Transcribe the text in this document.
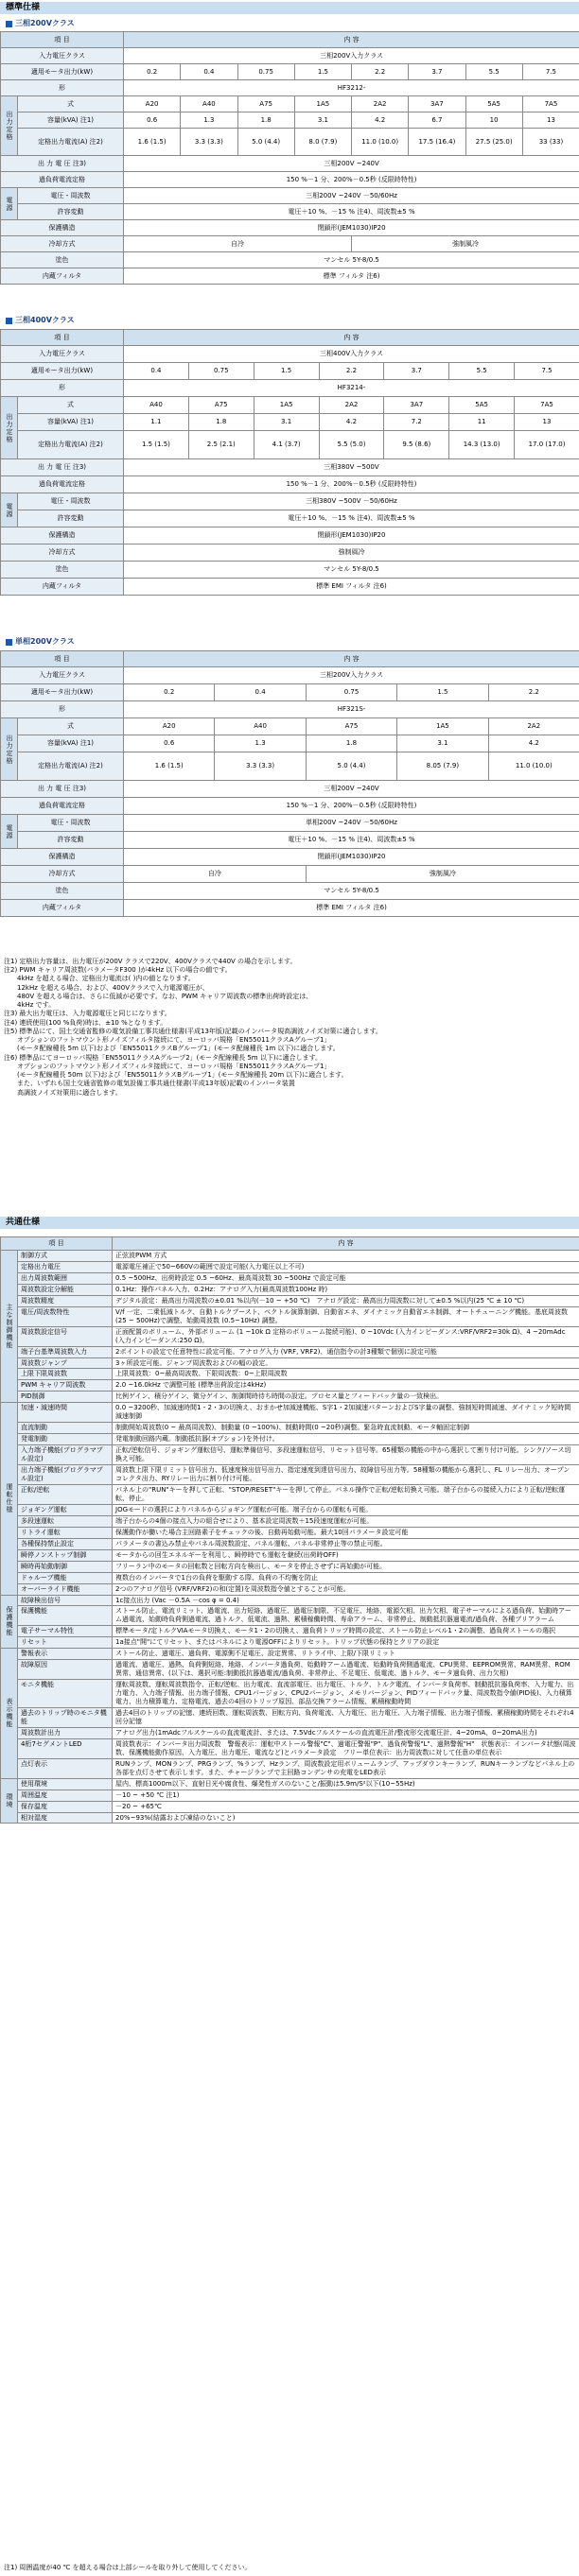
標準仕様
三相200Vクラス
項 目		内 容							
入力電圧クラス		三相200V入力クラス							
適用モータ出力(kW)		0.2	0.4	0.75	1.5	2.2	3.7	5.5	7.5
形		HF3212-							
出力定格	式	A20	A40	A75	1A5	2A2	3A7	5A5	7A5
	容量(kVA) 注1)	0.6	1.3	1.8	3.1	4.2	6.7	10	13
	定格出力電流(A) 注2)	1.6 (1.5)	3.3 (3.3)	5.0 (4.4)	8.0 (7.9)	11.0 (10.0)	17.5 (16.4)	27.5 (25.0)	33 (33)
出 力 電 圧 注3)		三相200V ~240V							
過負荷電流定格		150 %－1 分、200%－0.5秒 (反限時特性)							
電源	電圧・周波数	三相200V ~240V －50/60Hz							
	許容変動	電圧＋10 %、－15 % 注4)、周波数±5 %							
保護構造		閉鎖形(JEM1030)IP20							
冷却方式		自冷				強制風冷			
塗色		マンセル 5Y-8/0.5							
内蔵フィルタ		標準 フィルタ 注6)							
三相400Vクラス
項 目		内 容						
入力電圧クラス		三相400V入力クラス						
適用モータ出力(kW)		0.4	0.75	1.5	2.2	3.7	5.5	7.5
形		HF3214-						
出力定格	式	A40	A75	1A5	2A2	3A7	5A5	7A5
	容量(kVA) 注1)	1.1	1.8	3.1	4.2	7.2	11	13
	定格出力電流(A) 注2)	1.5 (1.5)	2.5 (2.1)	4.1 (3.7)	5.5 (5.0)	9.5 (8.6)	14.3 (13.0)	17.0 (17.0)
出 力 電 圧 注3)		三相380V ~500V						
過負荷電流定格		150 %－1 分、200%－0.5秒 (反限時特性)						
電源	電圧・周波数	三相380V ~500V －50/60Hz						
	許容変動	電圧＋10 %、－15 % 注4)、周波数±5 %						
保護構造		閉鎖形(JEM1030)IP20						
冷却方式		強制風冷						
塗色		マンセル 5Y-8/0.5						
内蔵フィルタ		標準 EMI フィルタ 注6)						
単相200Vクラス
項 目		内 容				
入力電圧クラス		三相200V入力クラス				
適用モータ出力(kW)		0.2	0.4	0.75	1.5	2.2
形		HF321S-				
出力定格	式	A20	A40	A75	1A5	2A2
	容量(kVA) 注1)	0.6	1.3	1.8	3.1	4.2
	定格出力電流(A) 注2)	1.6 (1.5)	3.3 (3.3)	5.0 (4.4)	8.05 (7.9)	11.0 (10.0)
出 力 電 圧 注3)		三相200V ~240V				
過負荷電流定格		150 %－1 分、200%－0.5秒 (反限時特性)				
電源	電圧・周波数	単相200V ~240V －50/60Hz				
	許容変動	電圧＋10 %、－15 % 注4)、周波数±5 %				
保護構造		閉鎖形(JEM1030)IP20				
冷却方式		自冷		強制風冷		
塗色		マンセル 5Y-8/0.5				
内蔵フィルタ		標準 EMI フィルタ 注6)				

注1) 定格出力容量は、出力電圧が200V クラスで220V、400Vクラスで440V の場合を示します。

注2) PWM キャリア周波数(パラメータF300 )が4kHz 以下の場合の値です。

　　4kHz を超える場合、定格出力電流は( )内の値となります。

　　12kHz を超える場合、および、400Vクラスで入力電源電圧が、

　　480V を超える場合は、さらに低減が必要です。なお、PWM キャリア周波数の標準出荷時設定は、

　　4kHz です。

注3) 最大出力電圧は、入力電源電圧と同じになります。

注4) 連続使用(100 %負荷)時は、±10 %となります。

注5) 標準品にて、国土交通省監修の電気設備工事共通仕様書(平成13年版)記載のインバータ規高調波ノイズ対策に適合します。

　　オプションのフットマウント形ノイズフィルタ接続にて、ヨーロッパ規格「EN55011クラスAグループ1」

　　(モータ配線種長 5m 以下)および「EN55011クラスBグループ1」(モータ配線種長 1m 以下)に適合します。

注6) 標準品にてヨーロッパ規格「EN55011クラスAグループ2」(モータ配線種長 5m 以下)に適合します。

　　オプションのフットマウント形ノイズフィルタ接続にて、ヨーロッパ規格「EN55011クラスAグループ1」

　　(モータ配線種長 50m 以下)および「EN55011クラスBグループ1」(モータ配線種長 20m 以下)に適合します。

　　また、いずれも国土交通省監修の電気設備工事共通仕様書(平成13年版)記載のインバータ装置

　　高調波ノイズ対策用に適合します。

共通仕様
項 目		内 容
主な制御機能	制御方式	正弦波PWM 方式
	定格出力電圧	電源電圧補正で50~660Vの範囲で設定可能(入力電圧以上不可)
	出力周波数範囲	0.5 ~500Hz、出荷時設定 0.5 ~60Hz、最高周波数 30 ~500Hz で設定可能
	周波数設定分解能	0.1Hz：操作パネル入力、0.2Hz：アナログ入力(最高周波数100Hz 時)
	周波数精度	デジタル設定：最高出力周波数の±0.01 %以内(－10 ~ +50 ℃)　アナログ設定：最高出力周波数に対して±0.5 %以内(25 ℃ ± 10 ℃)
	電圧/周波数特性	V/f 一定、二乗低減トルク、自動トルクブースト、ベクトル演算制御、自動省エネ、ダイナミック自動省エネ制御、オートチューニング機能。基底周波数(25 ~ 500Hz)で調整、始動周波数 (0.5~10Hz) 調整。
	周波数設定信号	正面配置のボリューム、外部ボリューム (1 ~10k Ω 定格のボリューム接続可能)、0 ~10Vdc (入力インピーダンス:VRF/VRF2=30k Ω)、4 ~20mAdc (入力インピーダンス:250 Ω)。
	端子台基準周波数入力	2ポイントの設定で任意特性に設定可能。アナログ入力 (VRF, VRF2)、通信指令の計3種類で個別に設定可能
	周波数ジャンプ	3ヶ所設定可能。ジャンプ周波数およびの幅の設定。
	上限下限周波数	上限周波数：0~最高周波数、下限周波数：0~上限周波数
	PWM キャリア周波数	2.0 ~16.0kHz で調整可能 (標準出荷設定は4kHz)
	PID制御	比例ゲイン、積分ゲイン、微分ゲイン、制御間時待ち時間の設定。プロセス量とフィードバック量の一致検出。
運転仕様	加速・減速時間	0.0 ~3200秒、加減速時間1・2・3の切換え、おまかせ加減速機能、S字1・2加減速パターンおよびS字量の調整、強制短時間減速、ダイナミック短時間減速制御
	直流制動	制動開始周波数(0 ~ 最高周波数)、制動量 (0 ~100%)、制動時間(0 ~20秒)調整。緊急時直流制動、モータ軸固定制御
	発電制動	発電制動回路内蔵。制動抵抗器(オプション)を外付け。
	入力端子機能(プログラマブル設定)	正転/逆転信号、ジョギング運転信号、運転準備信号、多段速運転信号、リセット信号等。65種類の機能の中から選択して割り付け可能。シンク/ソース切換え可能。
	出力端子機能(プログラマブル設定)	周波数上限下限リミット信号出力、低速度検出信号出力、指定速度到達信号出力、故障信号出力等。58種類の機能から選択し、FL リレー出力、オープンコレクタ出力、RYリレー出力に割り付け可能。
	正転/逆転	パネル上の"RUN"キーを押して正転、"STOP/RESET"キーを押して停止。パネル操作で正転/逆転切換え可能。端子台からの接続入力により正転/逆転運転、停止。
	ジョギング運転	JOGモードの選択によりパネルからジョギング運転が可能。端子台からの運転も可能。
	多段速運転	端子台からの4個の接点入力の組合せにより、基本設定周波数＋15段速度運転が可能。
	リトライ運転	保護動作が働いた場合主回路素子をチェックの後、自動再始動可能。最大10回パラメータ設定可能
	各種保持禁止設定	パラメータの書込み禁止やパネル周波数設定、パネル運転、パネル非常停止等の禁止可能。
	瞬停ノンストップ制御	モータからの回生エネルギーを利用し、瞬停時でも運転を継続(出荷時OFF)
	瞬時再始動制御	フリーラン中のモータの回転数と回転方向を検出し、モータを停止させずに再始動が可能。
	ドゥルーブ機能	複数台のインバータで1台の負荷を駆動する際、負荷の不均衡を防止
	オーバーライド機能	2つのアナログ信号 (VRF/VRF2)の和(定置)を周波数指令値とすることが可能。
保護機能	故障検出信号	1c接点出力 (Vac －0.5A －cos φ = 0.4)
	保護機能	ストール防止、電流リミット、過電流、出力短絡、過電圧、過電圧制限、不足電圧、地絡、電源欠相、出力欠相、電子サーマルによる過負荷、始動時アーム過電流、始動時負荷側過電流、過トルク、低電流、過熱、累積稼働時間、寿命アラーム、非常停止、制動抵抗器過電流/過負荷、各種ブリアラーム
	電子サーマル特性	標準モータ/定トルクVIAモータ切換え、モータ1・2の切換え、過負荷トリップ時間の設定、ストール防止レベル1・2の調整、過負荷ストールの選択
	リセット	1a接点"開"にてリセット、またはパネルにより電源OFFによりリセット。トリップ状態の保持とクリアの設定
表示機能	警報表示	ストール防止、過電圧、過負荷、電源側不足電圧、設定異常、リトライ中、上限/下限リミット
	故障原因	過電流、過電圧、過熱、負荷側短絡、地絡、インバータ過負荷、始動時アーム過電流、始動時負荷側過電流、CPU異常、EEPROM異常、RAM異常、ROM異常、通信異常、(以下は、選択可能:制動抵抗器過電流/過負荷、非常停止、不足電圧、低電流、過トルク、モータ過負荷、出力欠相)
	モニタ機能	運転周波数、運転周波数指令、正転/逆転、出力電流、直流部電圧、出力電圧、トルク、トルク電流、インバータ負荷率、制動抵抗器負荷率、入力電力、出力電力、入力端子情報、出力端子情報、CPU1バージョン、CPU2バージョン、メモリバージョン、PIDフィードバック量、周波数指令値(PID後)、入力積算電力、出力積算電力、定格電流、過去の4回のトリップ原因、部品交換アラーム情報、累積稼動時間
	過去のトリップ時のモニタ機能	過去4回のトリップの記憶、連続回数、運転周波数、回転方向、負荷電流、入力電圧、出力電圧、入力端子情報、出力端子情報、累積稼動時間をそれぞれ4回分記憶
	周波数計出力	アナログ出力(1mAdcフルスケールの直流電流計、または、7.5Vdcフルスケールの直流電圧計/整流形交流電圧計、4~20mA、0~20mA出力)
	4桁7セグメントLED	周波数表示：インバータ出力周波数　警報表示：運転中ストール警報"C"、過電圧警報"P"、過負荷警報"L"、過熱警報"H"　状態表示：インバータ状態(周波数、保護機能動作原因、入力電圧、出力電圧、電流など)とパラメータ設定　フリー単位表示：出力周波数に対して任意の単位表示
	点灯表示	RUNランプ、MONランプ、PRGランプ、%ランプ、Hzランプ、周波数設定用ボリュームランプ、アップダウンキーランプ、RUNキーランプなどパネル上の各部を点灯させて表示します。また、チャージランプで主回路コンデンサの充電をLED表示
環境	使用環境	屋内、標高1000m以下、直射日光や腐食性、爆発性ガスのないこと/振動は5.9m/S²以下(10~55Hz)
	周囲温度	－10 ~ +50 ℃ 注1)
	保存温度	－20 ~ +65℃
	相対湿度	20%~93%(結露および凍結のないこと)
注1) 周囲温度が40 ℃ を超える場合は上部シールを取り外して使用してください。
